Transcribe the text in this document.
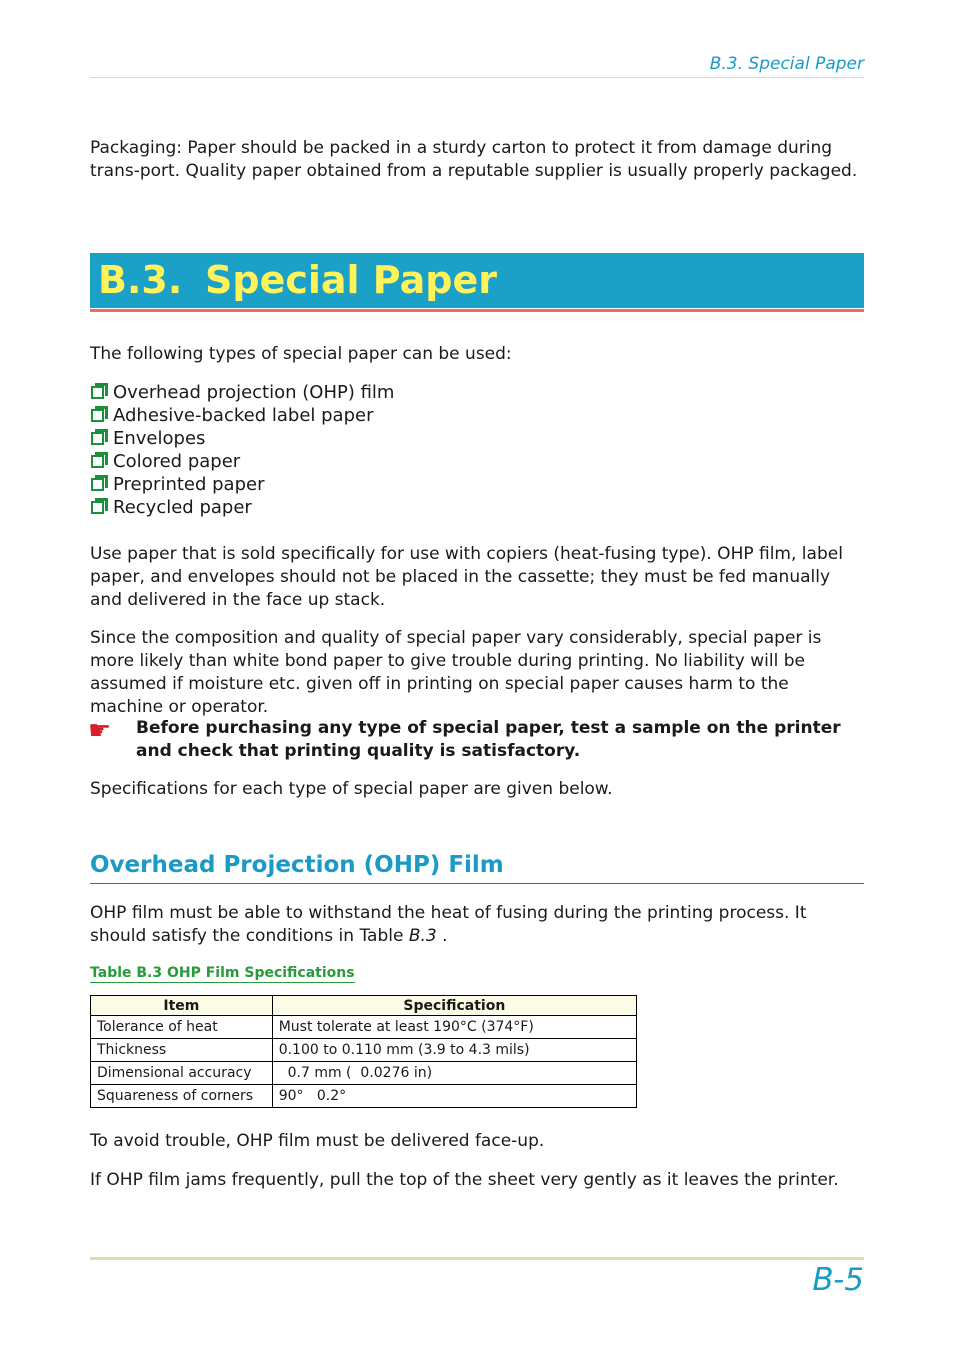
B.3. Special Paper

Packaging: Paper should be packed in a sturdy carton to protect it from damage during trans-port. Quality paper obtained from a reputable supplier is usually properly packaged.

B.3. Special Paper

The following types of special paper can be used:

Overhead projection (OHP) film
Adhesive-backed label paper
Envelopes
Colored paper
Preprinted paper
Recycled paper

Use paper that is sold specifically for use with copiers (heat-fusing type). OHP film, label paper, and envelopes should not be placed in the cassette; they must be fed manually and delivered in the face up stack.

Since the composition and quality of special paper vary considerably, special paper is more likely than white bond paper to give trouble during printing. No liability will be assumed if moisture etc. given off in printing on special paper causes harm to the machine or operator.

☛ Before purchasing any type of special paper, test a sample on the printer and check that printing quality is satisfactory.

Specifications for each type of special paper are given below.

Overhead Projection (OHP) Film

OHP film must be able to withstand the heat of fusing during the printing process. It should satisfy the conditions in Table B.3 .

Table B.3 OHP Film Specifications
Item	Specification
Tolerance of heat	Must tolerate at least 190°C (374°F)
Thickness	0.100 to 0.110 mm (3.9 to 4.3 mils)
Dimensional accuracy	0.7 mm (  0.0276 in)
Squareness of corners	90°   0.2°

To avoid trouble, OHP film must be delivered face-up.

If OHP film jams frequently, pull the top of the sheet very gently as it leaves the printer.

B-5
